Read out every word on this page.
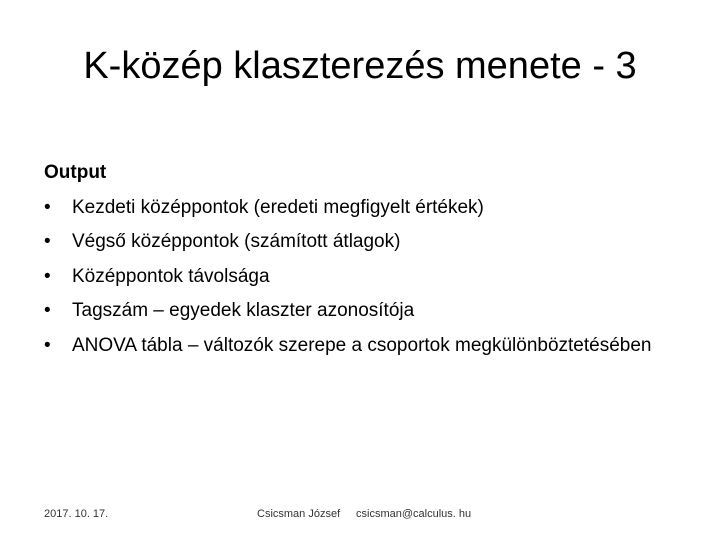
K-közép klaszterezés menete - 3
Output
•	Kezdeti középpontok (eredeti megfigyelt értékek)
•	Végső középpontok (számított átlagok)
•	Középpontok távolsága
•	Tagszám – egyedek klaszter azonosítója
•	ANOVA tábla – változók szerepe a csoportok megkülönböztetésében
2017. 10. 17.	Csicsman József csicsman@calculus. hu
